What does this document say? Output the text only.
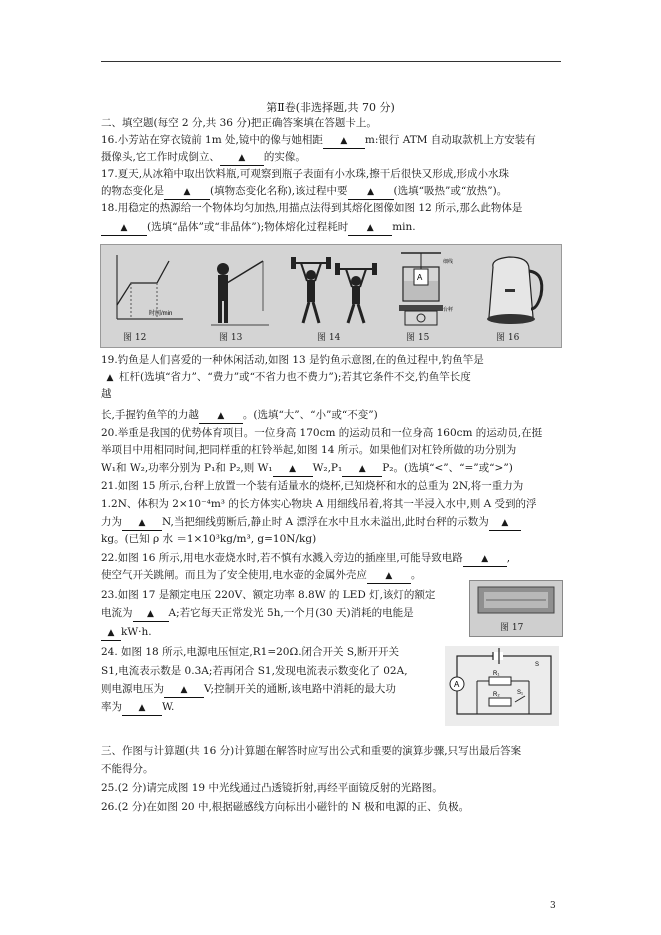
第Ⅱ卷(非选择题,共 70 分)
二、填空题(每空 2 分,共 36 分)把正确答案填在答题卡上。
16.小芳站在穿衣镜前 1m 处,镜中的像与她相距 ▲ m:银行 ATM 自动取款机上方安装有
摄像头,它工作时成倒立、 ▲ 的实像。
17.夏天,从冰箱中取出饮料瓶,可观察到瓶子表面有小水珠,擦干后很快又形成,形成小水珠
的物态变化是 ▲ (填物态变化名称),该过程中要 ▲ (选填“吸热”或“放热”)。
18.用稳定的热源给一个物体均匀加热,用描点法得到其熔化图像如图 12 所示,那么此物体是
▲ (选填“晶体”或“非晶体”);物体熔化过程耗时 ▲ min.
时间/min
图 12	图 13	图 14
A
细线
台秤
图 15	图 16
19.钓鱼是人们喜爱的一种休闲活动,如图 13 是钓鱼示意图,在的鱼过程中,钓鱼竿是
▲ 杠杆(选填“省力”、“费力”或“不省力也不费力”);若其它条件不交,钓鱼竿长度
越
长,手握钓鱼竿的力越 ▲ 。(选填“大”、“小”或“不变”)
20.举重是我国的优势体育项目。一位身高 170cm 的运动员和一位身高 160cm 的运动员,在挺
举项目中用相同时间,把同样重的杠铃举起,如图 14 所示。如果他们对杠铃所做的功分别为
W₁和 W₂,功率分别为 P₁和 P₂,则 W₁ ▲ W₂,P₁ ▲ P₂。(选填“<”、“=”或“>”)
21.如图 15 所示,台秤上放置一个装有适量水的烧杯,已知烧杯和水的总重为 2N,将一重力为
1.2N、体积为 2×10⁻⁴m³ 的长方体实心物块 A 用细线吊着,将其一半浸入水中,则 A 受到的浮
力为 ▲ N,当把细线剪断后,静止时 A 漂浮在水中且水未溢出,此时台秤的示数为 ▲
kg。(已知 ρ 水 ＝1×10³kg/m³, g=10N/kg)
22.如图 16 所示,用电水壶烧水时,若不慎有水溅入旁边的插座里,可能导致电路 ▲ ,
使空气开关跳闸。而且为了安全使用,电水壶的金属外壳应 ▲ 。
23.如图 17 是额定电压 220V、额定功率 8.8W 的 LED 灯,该灯的额定
电流为 ▲ A;若它每天正常发光 5h,一个月(30 天)消耗的电能是
▲ kW·h.	图 17
24. 如图 18 所示,电源电压恒定,R1=20Ω.闭合开关 S,断开开关
S1,电流表示数是 0.3A;若再闭合 S1,发现电流表示数变化了 02A,
则电源电压为 ▲ V;控制开关的通断,该电路中消耗的最大功
率为 ▲ W.
A
R₁
R₂	S₁
S
三、作图与计算题(共 16 分)计算题在解答时应写出公式和重要的演算步骤,只写出最后答案
不能得分。
25.(2 分)请完成图 19 中光线通过凸透镜折射,再经平面镜反射的光路图。
26.(2 分)在如图 20 中,根据磁感线方向标出小磁针的 N 极和电源的正、负极。
3
